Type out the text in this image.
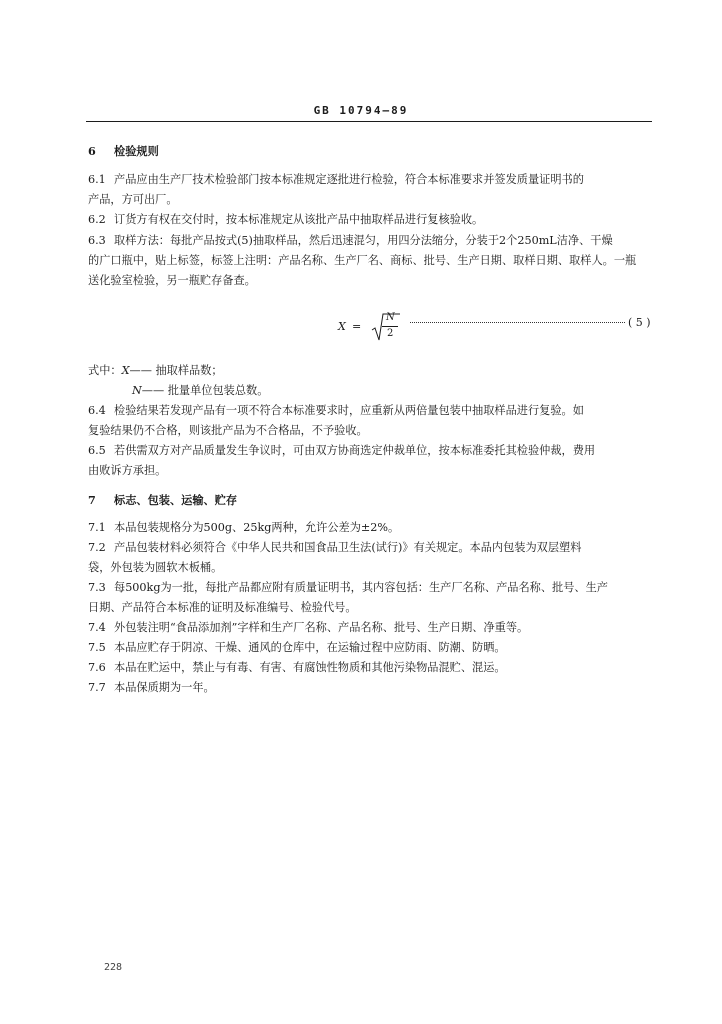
GB 10794—89
6 检验规则
6.1 产品应由生产厂技术检验部门按本标准规定逐批进行检验，符合本标准要求并签发质量证明书的
产品，方可出厂。
6.2 订货方有权在交付时，按本标准规定从该批产品中抽取样品进行复核验收。
6.3 取样方法：每批产品按式(5)抽取样品，然后迅速混匀，用四分法缩分，分装于2个250mL洁净、干燥
的广口瓶中，贴上标签，标签上注明：产品名称、生产厂名、商标、批号、生产日期、取样日期、取样人。一瓶
送化验室检验，另一瓶贮存备查。
X =
N
2
( 5 )
式中：X—— 抽取样品数；
N—— 批量单位包装总数。
6.4 检验结果若发现产品有一项不符合本标准要求时，应重新从两倍量包装中抽取样品进行复验。如
复验结果仍不合格，则该批产品为不合格品，不予验收。
6.5 若供需双方对产品质量发生争议时，可由双方协商选定仲裁单位，按本标准委托其检验仲裁，费用
由败诉方承担。
7 标志、包装、运输、贮存
7.1 本品包装规格分为500g、25kg两种，允许公差为±2%。
7.2 产品包装材料必须符合《中华人民共和国食品卫生法(试行)》有关规定。本品内包装为双层塑料
袋，外包装为圆软木板桶。
7.3 每500kg为一批，每批产品都应附有质量证明书，其内容包括：生产厂名称、产品名称、批号、生产
日期、产品符合本标准的证明及标准编号、检验代号。
7.4 外包装注明“食品添加剂”字样和生产厂名称、产品名称、批号、生产日期、净重等。
7.5 本品应贮存于阴凉、干燥、通风的仓库中，在运输过程中应防雨、防潮、防晒。
7.6 本品在贮运中，禁止与有毒、有害、有腐蚀性物质和其他污染物品混贮、混运。
7.7 本品保质期为一年。
228
